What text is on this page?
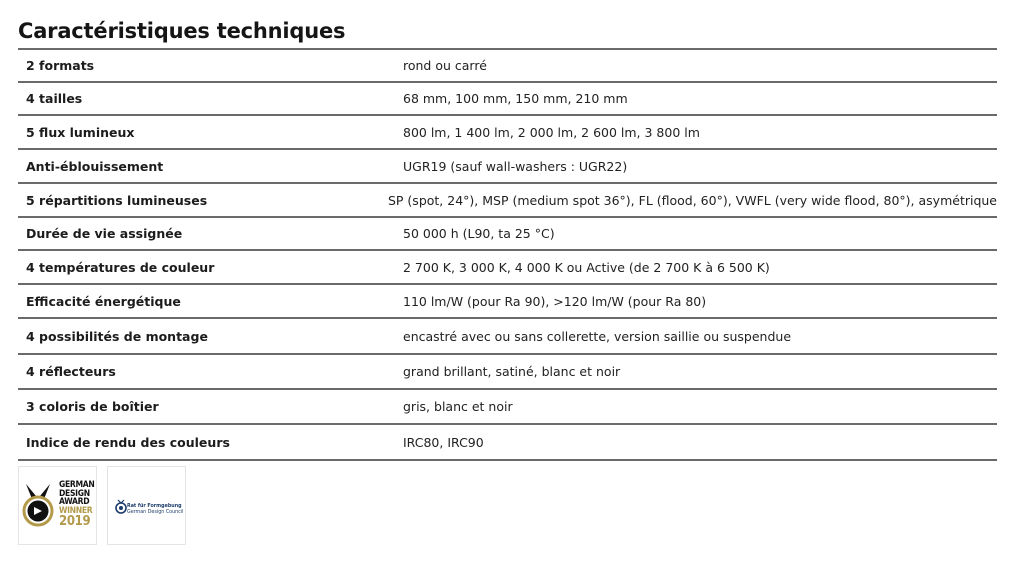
Caractéristiques techniques
2 formats	rond ou carré
4 tailles	68 mm, 100 mm, 150 mm, 210 mm
5 flux lumineux	800 lm, 1 400 lm, 2 000 lm, 2 600 lm, 3 800 lm
Anti-éblouissement	UGR19 (sauf wall-washers : UGR22)
5 répartitions lumineuses	SP (spot, 24°), MSP (medium spot 36°), FL (flood, 60°), VWFL (very wide flood, 80°), asymétrique
Durée de vie assignée	50 000 h (L90, ta 25 °C)
4 températures de couleur	2 700 K, 3 000 K, 4 000 K ou Active (de 2 700 K à 6 500 K)
Efficacité énergétique	110 lm/W (pour Ra 90), >120 lm/W (pour Ra 80)
4 possibilités de montage	encastré avec ou sans collerette, version saillie ou suspendue
4 réflecteurs	grand brillant, satiné, blanc et noir
3 coloris de boîtier	gris, blanc et noir
Indice de rendu des couleurs	IRC80, IRC90
GERMAN
DESIGN
AWARD
WINNER
2019
Rat für Formgebung
German Design Council
